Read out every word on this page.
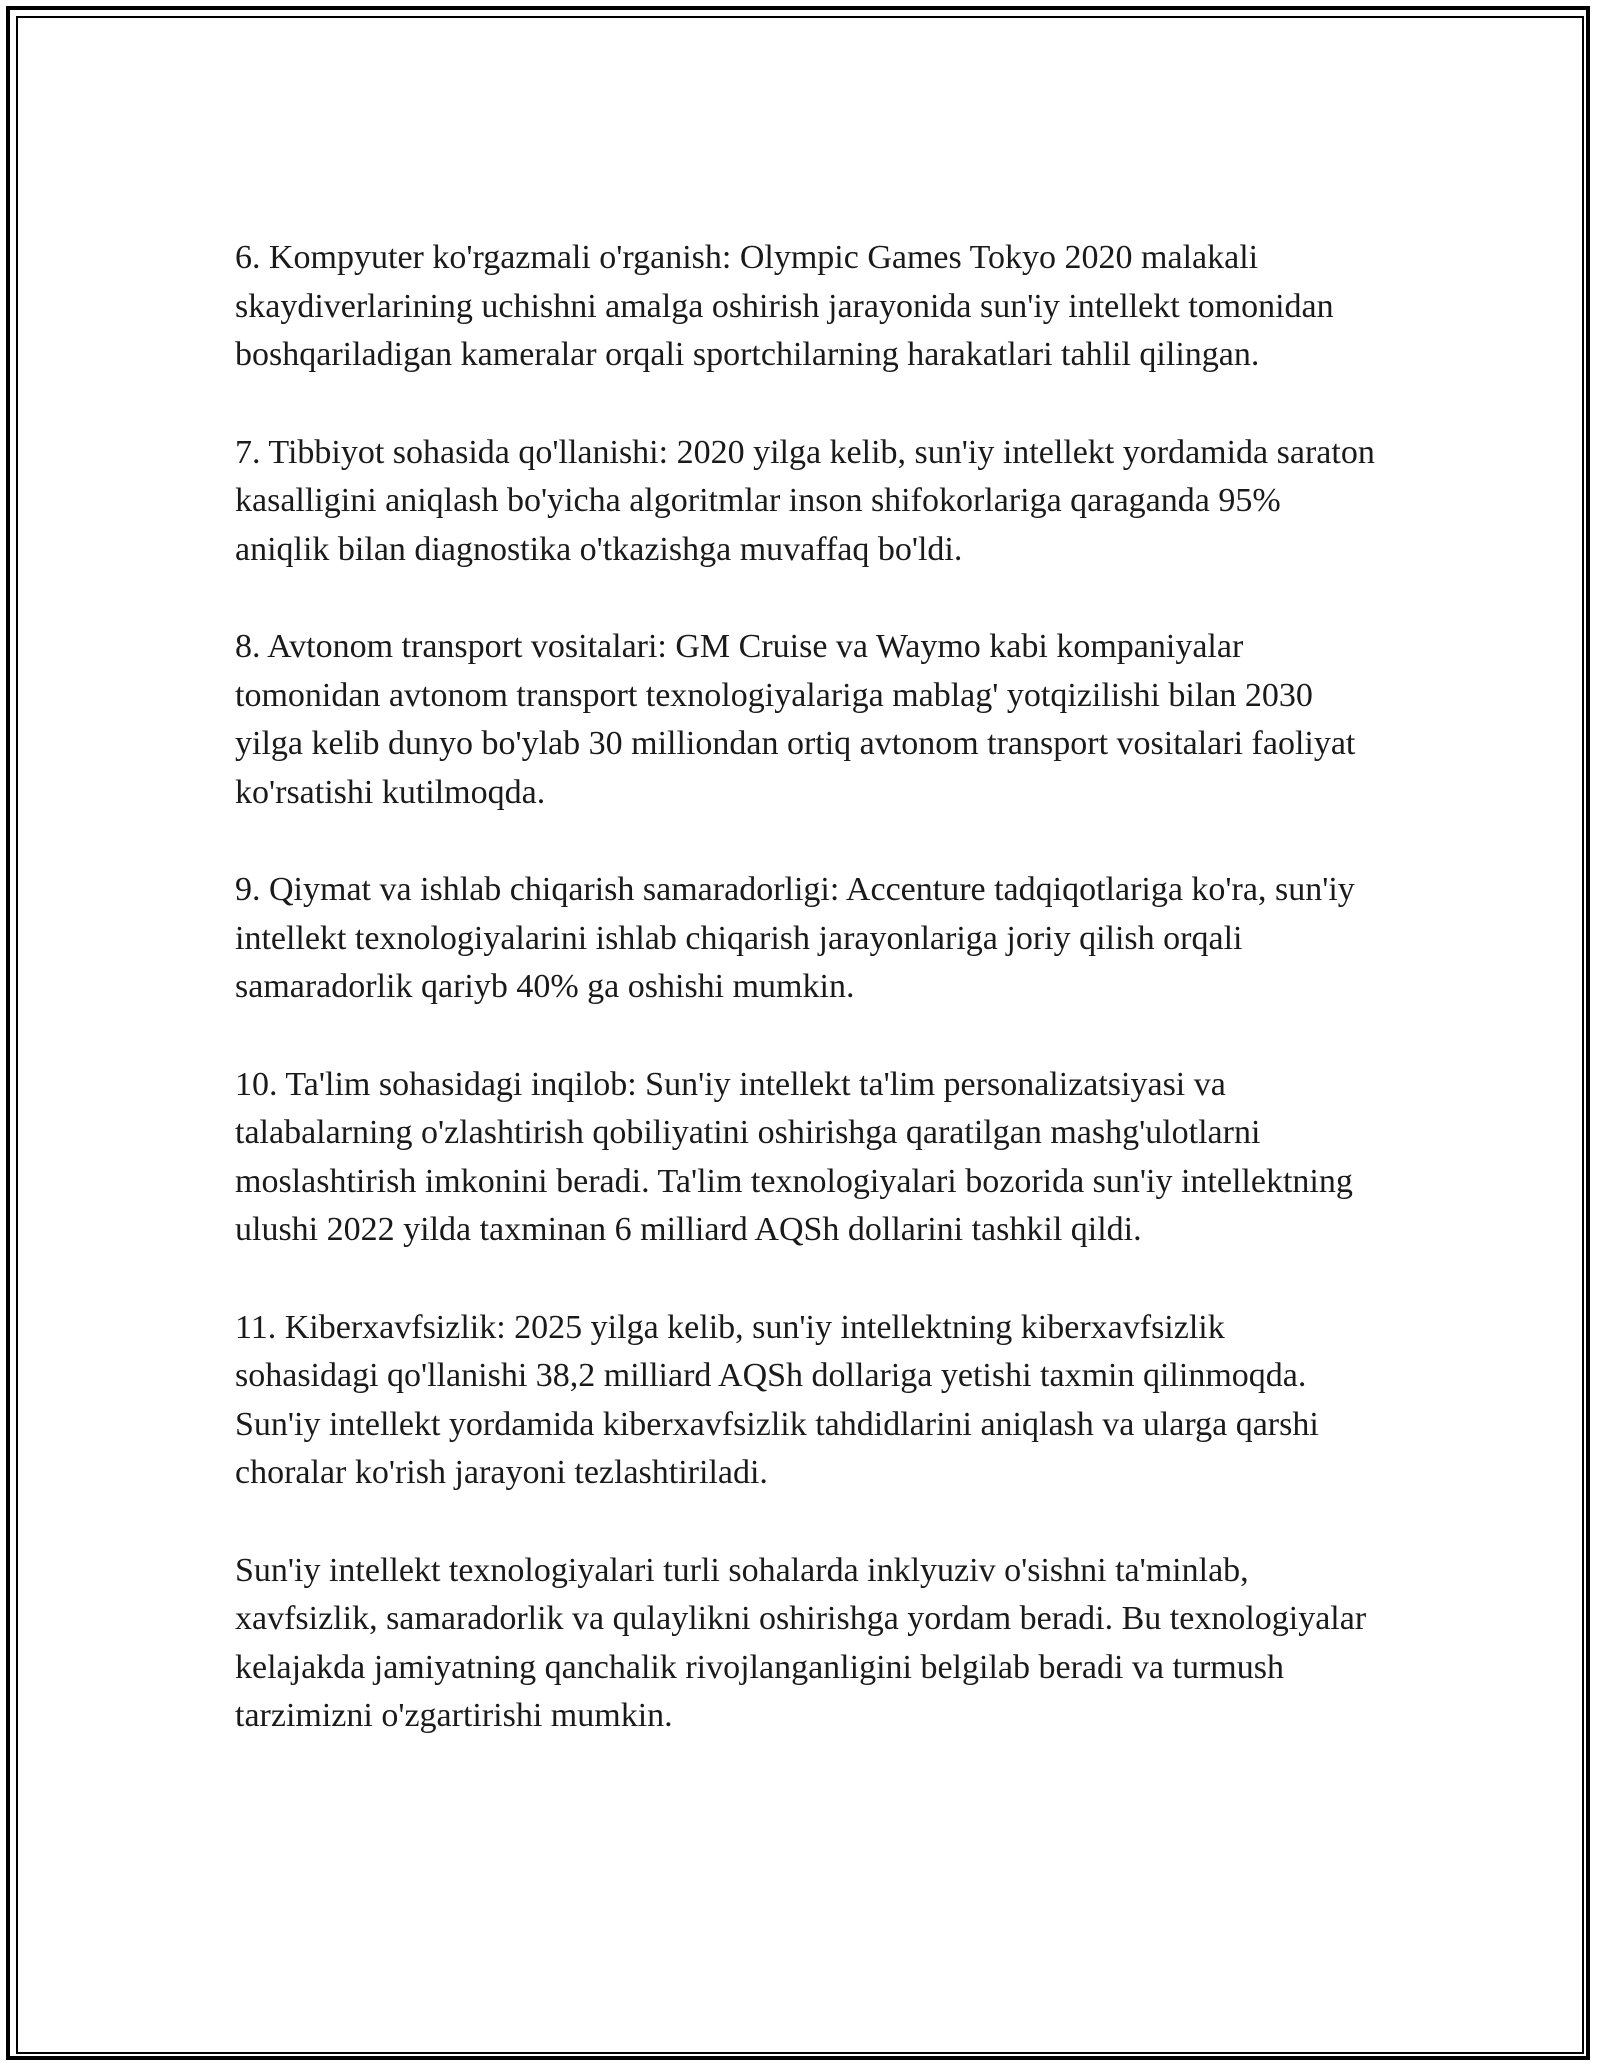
6. Kompyuter ko'rgazmali o'rganish: Olympic Games Tokyo 2020 malakali skaydiverlarining uchishni amalga oshirish jarayonida sun'iy intellekt tomonidan boshqariladigan kameralar orqali sportchilarning harakatlari tahlil qilingan.

7. Tibbiyot sohasida qo'llanishi: 2020 yilga kelib, sun'iy intellekt yordamida saraton kasalligini aniqlash bo'yicha algoritmlar inson shifokorlariga qaraganda 95% aniqlik bilan diagnostika o'tkazishga muvaffaq bo'ldi.

8. Avtonom transport vositalari: GM Cruise va Waymo kabi kompaniyalar tomonidan avtonom transport texnologiyalariga mablag' yotqizilishi bilan 2030 yilga kelib dunyo bo'ylab 30 milliondan ortiq avtonom transport vositalari faoliyat ko'rsatishi kutilmoqda.

9. Qiymat va ishlab chiqarish samaradorligi: Accenture tadqiqotlariga ko'ra, sun'iy intellekt texnologiyalarini ishlab chiqarish jarayonlariga joriy qilish orqali samaradorlik qariyb 40% ga oshishi mumkin.

10. Ta'lim sohasidagi inqilob: Sun'iy intellekt ta'lim personalizatsiyasi va talabalarning o'zlashtirish qobiliyatini oshirishga qaratilgan mashg'ulotlarni moslashtirish imkonini beradi. Ta'lim texnologiyalari bozorida sun'iy intellektning ulushi 2022 yilda taxminan 6 milliard AQSh dollarini tashkil qildi.

11. Kiberxavfsizlik: 2025 yilga kelib, sun'iy intellektning kiberxavfsizlik sohasidagi qo'llanishi 38,2 milliard AQSh dollariga yetishi taxmin qilinmoqda. Sun'iy intellekt yordamida kiberxavfsizlik tahdidlarini aniqlash va ularga qarshi choralar ko'rish jarayoni tezlashtiriladi.

Sun'iy intellekt texnologiyalari turli sohalarda inklyuziv o'sishni ta'minlab, xavfsizlik, samaradorlik va qulaylikni oshirishga yordam beradi. Bu texnologiyalar kelajakda jamiyatning qanchalik rivojlanganligini belgilab beradi va turmush tarzimizni o'zgartirishi mumkin.
